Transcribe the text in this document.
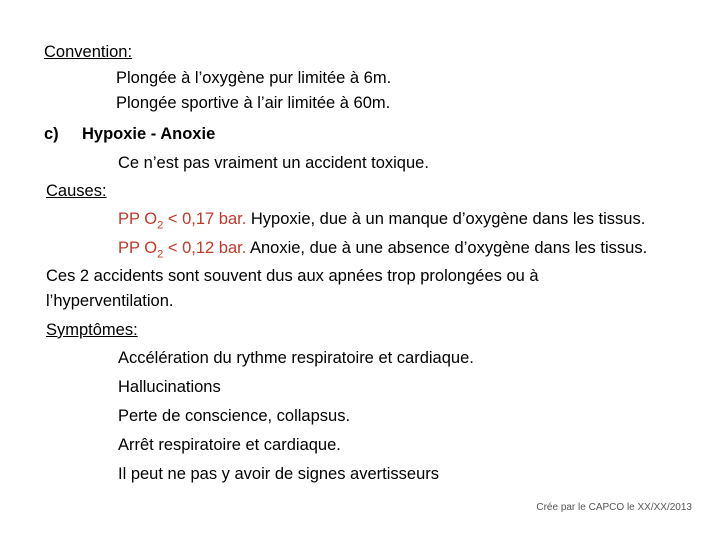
Convention:
Plongée à l’oxygène pur limitée à 6m.
Plongée sportive à l’air limitée à 60m.
c) Hypoxie - Anoxie
Ce n’est pas vraiment un accident toxique.
Causes:
PP $O_2 < 0,17$ bar. Hypoxie, due à un manque d’oxygène dans les tissus.
PP $O_2 < 0,12$ bar. Anoxie, due à une absence d’oxygène dans les tissus.
Ces 2 accidents sont souvent dus aux apnées trop prolongées ou à
l’hyperventilation.
Symptômes:
Accélération du rythme respiratoire et cardiaque.
Hallucinations
Perte de conscience, collapsus.
Arrêt respiratoire et cardiaque.
Il peut ne pas y avoir de signes avertisseurs
Crée par le CAPCO le XX/XX/2013
